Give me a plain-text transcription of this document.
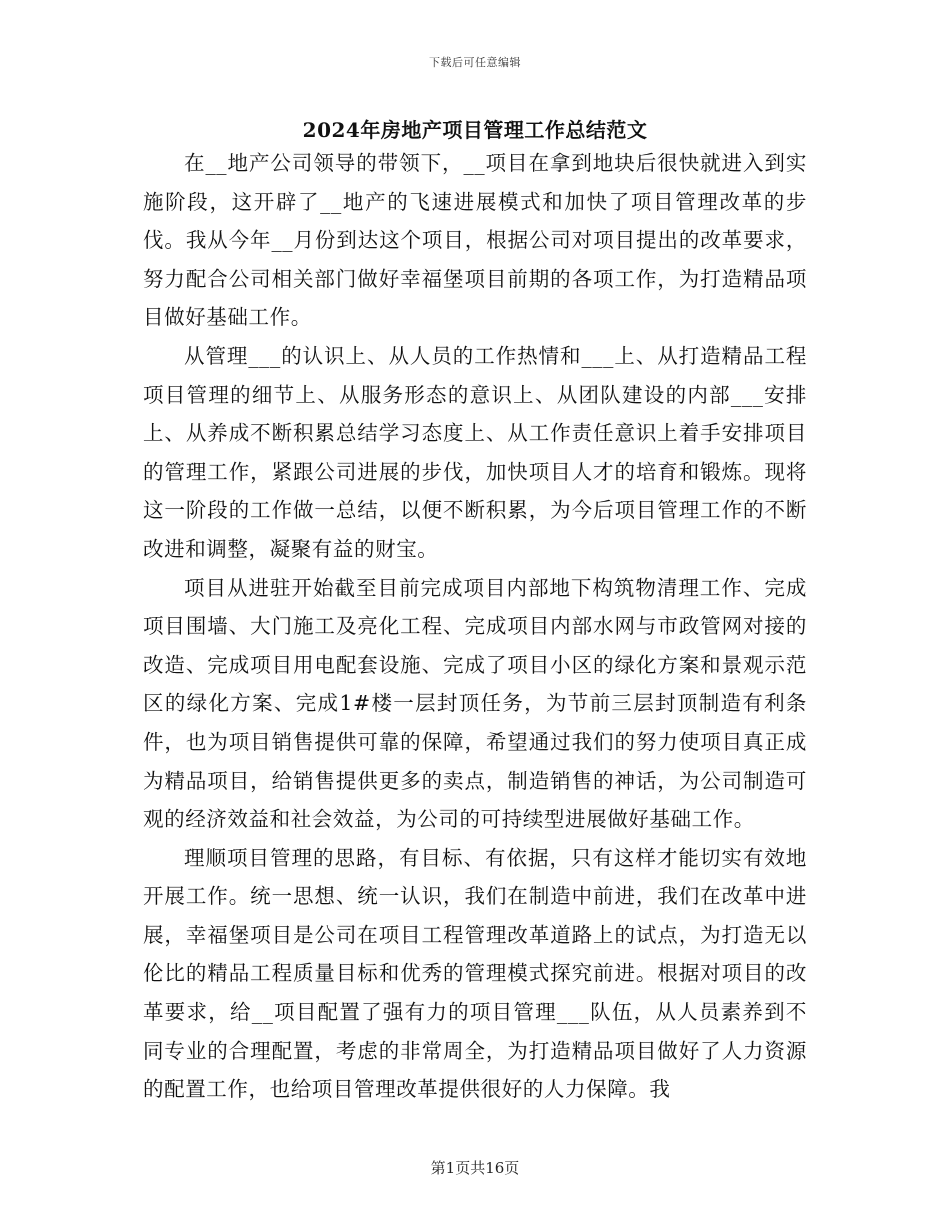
下载后可任意编辑
2024年房地产项目管理工作总结范文

在__地产公司领导的带领下，__项目在拿到地块后很快就进入到实施阶段，这开辟了__地产的飞速进展模式和加快了项目管理改革的步伐。我从今年__月份到达这个项目，根据公司对项目提出的改革要求，努力配合公司相关部门做好幸福堡项目前期的各项工作，为打造精品项目做好基础工作。

从管理___的认识上、从人员的工作热情和___上、从打造精品工程项目管理的细节上、从服务形态的意识上、从团队建设的内部___安排上、从养成不断积累总结学习态度上、从工作责任意识上着手安排项目的管理工作，紧跟公司进展的步伐，加快项目人才的培育和锻炼。现将这一阶段的工作做一总结，以便不断积累，为今后项目管理工作的不断改进和调整，凝聚有益的财宝。

项目从进驻开始截至目前完成项目内部地下构筑物清理工作、完成项目围墙、大门施工及亮化工程、完成项目内部水网与市政管网对接的改造、完成项目用电配套设施、完成了项目小区的绿化方案和景观示范区的绿化方案、完成1#楼一层封顶任务，为节前三层封顶制造有利条件，也为项目销售提供可靠的保障，希望通过我们的努力使项目真正成为精品项目，给销售提供更多的卖点，制造销售的神话，为公司制造可观的经济效益和社会效益，为公司的可持续型进展做好基础工作。

理顺项目管理的思路，有目标、有依据，只有这样才能切实有效地开展工作。统一思想、统一认识，我们在制造中前进，我们在改革中进展，幸福堡项目是公司在项目工程管理改革道路上的试点，为打造无以伦比的精品工程质量目标和优秀的管理模式探究前进。根据对项目的改革要求，给__项目配置了强有力的项目管理___队伍，从人员素养到不同专业的合理配置，考虑的非常周全，为打造精品项目做好了人力资源的配置工作，也给项目管理改革提供很好的人力保障。我

第1页共16页
